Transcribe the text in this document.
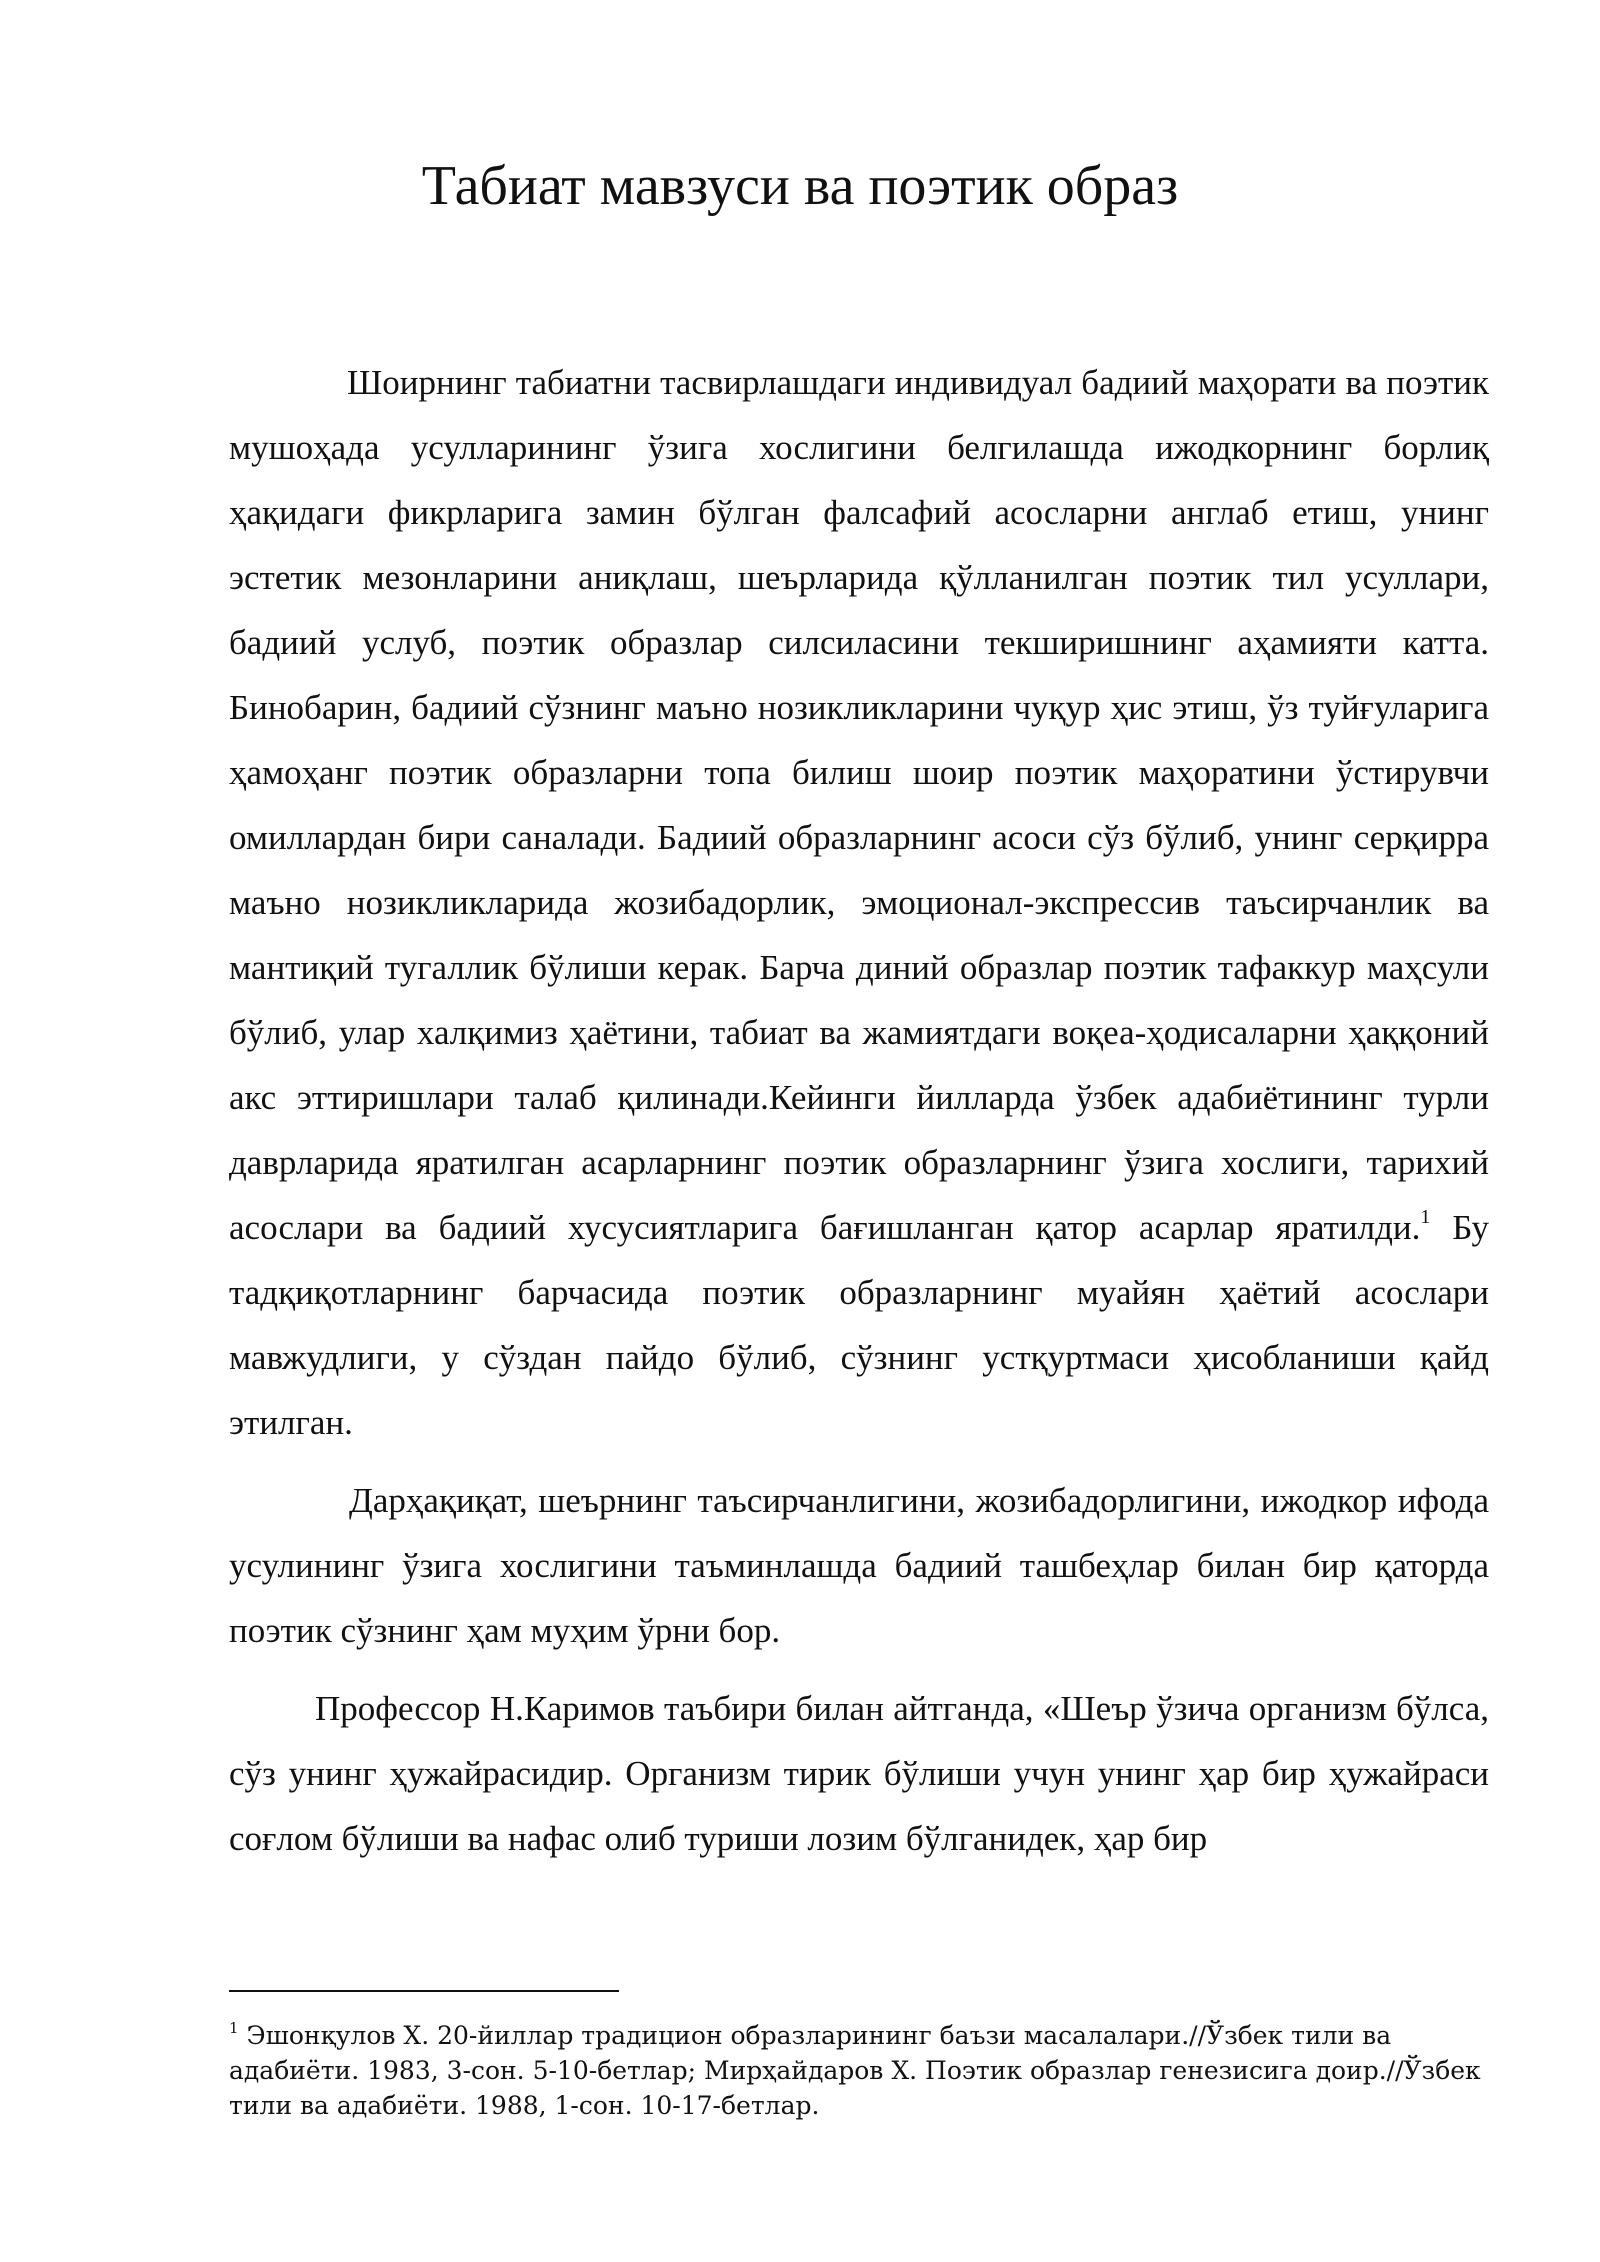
Табиат мавзуси ва поэтик образ

Шоирнинг табиатни тасвирлашдаги индивидуал бадиий маҳорати ва поэтик мушоҳада усулларининг ўзига хослигини белгилашда ижодкорнинг борлиқ ҳақидаги фикрларига замин бўлган фалсафий асосларни англаб етиш, унинг эстетик мезонларини аниқлаш, шеърларида қўлланилган поэтик тил усуллари, бадиий услуб, поэтик образлар силсиласини текширишнинг аҳамияти катта. Бинобарин, бадиий сўзнинг маъно нозикликларини чуқур ҳис этиш, ўз туйғуларига ҳамоҳанг поэтик образларни топа билиш шоир поэтик маҳоратини ўстирувчи омиллардан бири саналади. Бадиий образларнинг асоси сўз бўлиб, унинг серқирра маъно нозикликларида жозибадорлик, эмоционал-экспрессив таъсирчанлик ва мантиқий тугаллик бўлиши керак. Барча диний образлар поэтик тафаккур маҳсули бўлиб, улар халқимиз ҳаётини, табиат ва жамиятдаги воқеа-ҳодисаларни ҳаққоний акс эттиришлари талаб қилинади.Кейинги йилларда ўзбек адабиётининг турли даврларида яратилган асарларнинг поэтик образларнинг ўзига хослиги, тарихий асослари ва бадиий хусусиятларига бағишланган қатор асарлар яратилди.$^1$ Бу тадқиқотларнинг барчасида поэтик образларнинг муайян ҳаётий асослари мавжудлиги, у сўздан пайдо бўлиб, сўзнинг устқуртмаси ҳисобланиши қайд этилган.

Дарҳақиқат, шеърнинг таъсирчанлигини, жозибадорлигини, ижодкор ифода усулининг ўзига хослигини таъминлашда бадиий ташбеҳлар билан бир қаторда поэтик сўзнинг ҳам муҳим ўрни бор.

Профессор Н.Каримов таъбири билан айтганда, «Шеър ўзича организм бўлса, сўз унинг ҳужайрасидир. Организм тирик бўлиши учун унинг ҳар бир ҳужайраси соғлом бўлиши ва нафас олиб туриши лозим бўлганидек, ҳар бир

$^1$ Эшонқулов Х. 20-йиллар традицион образларининг баъзи масалалари.//Ўзбек тили ва адабиёти. 1983, 3-сон. 5-10-бетлар; Мирҳайдаров Х. Поэтик образлар генезисига доир.//Ўзбек тили ва адабиёти. 1988, 1-сон. 10-17-бетлар.
